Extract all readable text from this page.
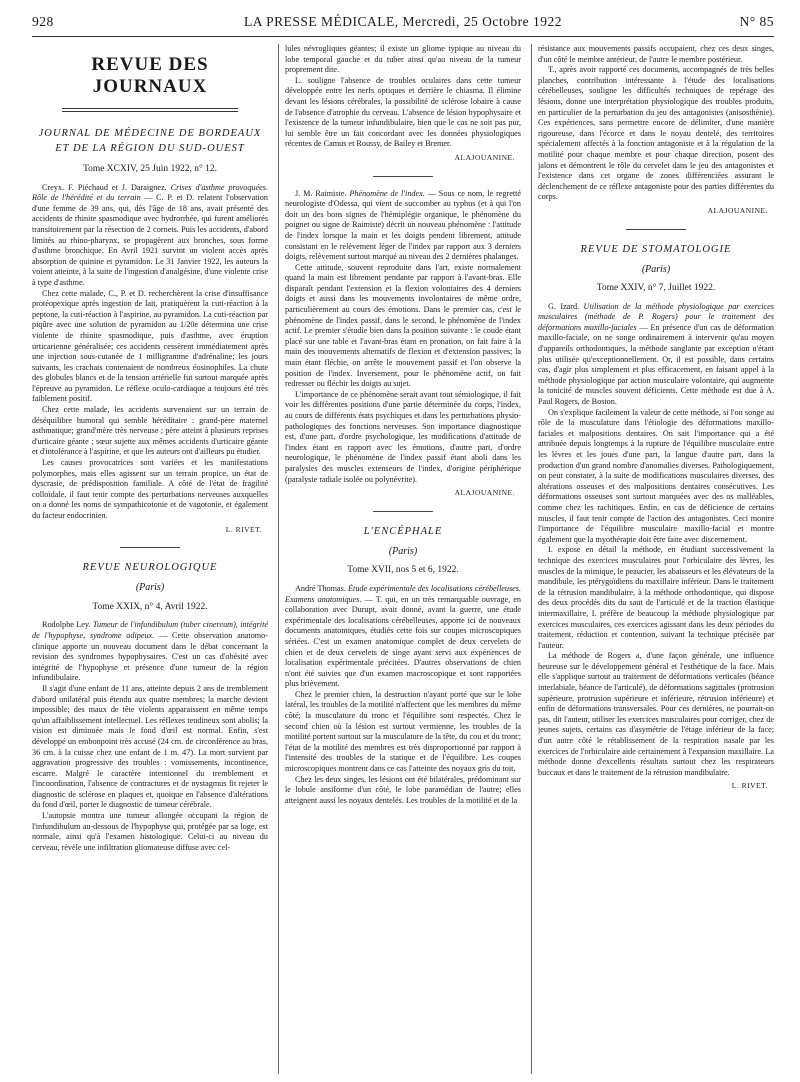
928	LA PRESSE MÉDICALE, Mercredi, 25 Octobre 1922	N° 85
REVUE DES JOURNAUX
JOURNAL DE MÉDECINE DE BORDEAUX ET DE LA RÉGION DU SUD-OUEST
Tome XCXIV, 25 Juin 1922, n° 12.

Creyx. F. Piéchaud et J. Daraignez. Crises d'asthme provoquées. Rôle de l'hérédité et du terrain — C. P. et D. relatent l'observation d'une femme de 39 ans, qui, dès l'âge de 18 ans, avait présenté des accidents de rhinite spasmodique avec hydrorrhée, qui furent améliorés transitoirement par la résection de 2 cornets. Puis les accidents, d'abord limités au rhino-pharynx, se propagèrent aux bronches, sous forme d'asthme bronchique. En Avril 1921 survint un violent accès après absorption de quinine et pyramidon. Le 31 Janvier 1922, les auteurs la voient atteinte, à la suite de l'ingestion d'analgésine, d'une violente crise à type d'asthme.

Chez cette malade, C., P. et D. recherchèrent la crise d'insuffisance protéopexique après ingestion de lait, pratiquèrent la cuti-réaction à la peptone, la cuti-réaction à l'aspirine, au pyramidon. La cuti-réaction par piqûre avec une solution de pyramidon au 1/20e détermina une crise violente de rhinite spasmodique, puis d'asthme, avec éruption urticarienne généralisée; ces accidents cessèrent immédiatement après une injection sous-cutanée de 1 milligramme d'adrénaline; les jours suivants, les crachats contenaient de nombreux éosinophiles. La chute des globules blancs et de la tension artérielle fut surtout marquée après l'épreuve au pyramidon. Le réflexe oculo-cardiaque a toujours été très faiblement positif.

Chez cette malade, les accidents survenaient sur un terrain de déséquilibre humoral qui semble héréditaire : grand-père maternel asthmatique; grand'mère très nerveuse ; père atteint à plusieurs reprises d'urticaire géante ; sœur sujette aux mêmes accidents d'urticaire géante et d'intolérance à l'aspirine, et que les auteurs ont d'ailleurs pu étudier.

Les causes provocatrices sont variées et les manifestations polymorphes, mais elles agissent sur un terrain propice, un état de dyscrasie, de prédisposition familiale. A côté de l'état de fragilité colloïdale, il faut tenir compte des perturbations nerveuses auxquelles on a donné les noms de sympathicotonie et de vagotonie, et également du facteur endocrinien.

L. RIVET.
REVUE NEUROLOGIQUE
(Paris)
Tome XXIX, n° 4, Avril 1922.

Rodolphe Ley. Tumeur de l'infundibulum (tuber cinereum), intégrité de l'hypophyse, syndrome adipeux. — Cette observation anatomo-clinique apporte un nouveau document dans le débat concernant la revision des syndromes hypophysaires. C'est un cas d'obésité avec intégrité de l'hypophyse et présence d'une tumeur de la région infundibulaire.

Il s'agit d'une enfant de 11 ans, atteinte depuis 2 ans de tremblement d'abord unilatéral puis étendu aux quatre membres; la marche devient impossible; des maux de tête violents apparaissent en même temps qu'un affaiblissement intellectuel. Les réflexes tendineux sont abolis; la vision est diminuée mais le fond d'œil est normal. Enfin, s'est développé un embonpoint très accusé (24 cm. de circonférence au bras, 36 cm. à la cuisse chez une enfant de 1 m. 47). La mort survient par aggravation progressive des troubles : vomissements, incontinence, escarre. Malgré le caractère intentionnel du tremblement et l'incoordination, l'absence de contractures et de nystagmus fit rejeter le diagnostic de sclérose en plaques et, quoique en l'absence d'altérations du fond d'œil, porter le diagnostic de tumeur cérébrale.

L'autopsie montra une tumeur allongée occupant la région de l'infundibulum au-dessous de l'hypophyse qui, protégée par sa loge, est normale, ainsi qu'à l'examen histologique. Celui-ci au niveau du cerveau, révèle une infiltration gliomateuse diffuse avec cel-

lules névrogliques géantes; il existe un gliome typique au niveau du lobe temporal gauche et du tuber ainsi qu'au niveau de la tumeur proprement dite.

L. souligne l'absence de troubles oculaires dans cette tumeur développée entre les nerfs optiques et derrière le chiasma. Il élimine devant les lésions cérébrales, la possibilité de sclérose lobaire à cause de l'absence d'atrophie du cerveau. L'absence de lésion hypophysaire et l'existence de la tumeur infundibulaire, bien que le cas ne soit pas pur, lui semble être un fait concordant avec les données physiologiques récentes de Camus et Roussy, de Bailey et Bremer.

ALAJOUANINE.

J. M. Raimiste. Phénomène de l'index. — Sous ce nom, le regretté neurologiste d'Odessa, qui vient de succomber au typhus (et à qui l'on doit un des bons signes de l'hémiplégie organique, le phénomène du poignet ou signe de Raimiste) décrit un nouveau phénomène : l'attitude de l'index lorsque la main et les doigts pendent librement, attitude consistant en le relèvement léger de l'index par rapport aux 3 derniers doigts, relèvement surtout marqué au niveau des 2 dernières phalanges.

Cette attitude, souvent reproduite dans l'art, existe normalement quand la main est librement pendante par rapport à l'avant-bras. Elle disparaît pendant l'extension et la flexion volontaires des 4 derniers doigts et aussi dans les mouvements involontaires de même ordre, particulièrement au cours des émotions. Dans le premier cas, c'est le phénomène de l'index passif, dans le second, le phénomène de l'index actif. Le premier s'étudie bien dans la position suivante : le coude étant placé sur une table et l'avant-bras étant en pronation, on fait faire à la main des mouvements alternatifs de flexion et d'extension passives; la main étant fléchie, on arrête le mouvement passif et l'on observe la position de l'index. Inversement, pour le phénomène actif, on fait redresser ou fléchir les doigts au sujet.

L'importance de ce phénomène serait avant tout sémiologique, il fait voir les différentes positions d'une partie déterminée du corps, l'index, au cours de différents états psychiques et dans les perturbations physio-pathologiques des fonctions nerveuses. Son importance diagnostique est, d'une part, d'ordre psychologique, les modifications d'attitude de l'index étant en rapport avec les émotions, d'autre part, d'ordre neurologique, le phénomène de l'index passif étant aboli dans les paralysies des muscles extenseurs de l'index, d'origine périphérique (paralysie radiale isolée ou polynévrite).

ALAJOUANINE.
L'ENCÉPHALE
(Paris)
Tome XVII, nos 5 et 6, 1922.

André Thomas. Étude expérimentale des localisations cérébelleuses. Examens anatomiques. — T. qui, en un très remarquable ouvrage, en collaboration avec Durupt, avait donné, avant la guerre, une étude expérimentale des localisations cérébelleuses, apporte ici de nouveaux documents anatomiques, étudiés cette fois sur coupes microscopiques sériées. C'est un examen anatomique complet de deux cervelets de chien et de deux cervelets de singe ayant servi aux expériences de localisation expérimentale précitées. D'autres observations de chien n'ont été suivies que d'un examen macroscopique et sont rapportées plus brièvement.

Chez le premier chien, la destruction n'ayant porté que sur le lobe latéral, les troubles de la motilité n'affectent que les membres du même côté; la musculature du tronc et l'équilibre sont respectés. Chez le second chien où la lésion est surtout vermienne, les troubles de la motilité portent surtout sur la musculature de la tête, du cou et du tronc; l'état de la motilité des membres est très disproportionné par rapport à l'intensité des troubles de la statique et de l'équilibre. Les coupes microscopiques montrent dans ce cas l'atteinte des noyaux gris du toit.

Chez les deux singes, les lésions ont été bilatérales, prédominant sur le lobule ansiforme d'un côté, le lobe paramédian de l'autre; elles atteignent aussi les noyaux dentelés. Les troubles de la motilité et de la

résistance aux mouvements passifs occupaient, chez ces deux singes, d'un côté le membre antérieur, de l'autre le membre postérieur.

T., après avoir rapporté ces documents, accompagnés de très belles planches, contribution intéressante à l'étude des localisations cérébelleuses, souligne les difficultés techniques de repérage des lésions, donne une interprétation physiologique des troubles produits, en particulier de la perturbation du jeu des antagonistes (anisosthénie). Ces expériences, sans permettre encore de délimiter, d'une manière rigoureuse, dans l'écorce et dans le noyau dentelé, des territoires spécialement affectés à la fonction antagoniste et à la régulation de la motilité pour chaque membre et pour chaque direction, posent des jalons et démontrent le rôle du cervelet dans le jeu des antagonistes et l'existence dans cet organe de zones différenciées assurant le déclenchement de ce réflexe antagoniste pour des parties différentes du corps.

ALAJOUANINE.
REVUE DE STOMATOLOGIE
(Paris)
Tome XXIV, n° 7, Juillet 1922.

G. Izard. Utilisation de la méthode physiologique par exercices musculaires (méthode de P. Rogers) pour le traitement des déformations maxillo-faciales — En présence d'un cas de déformation maxillo-faciale, on ne songe ordinairement à intervenir qu'au moyen d'appareils orthodontiques, la méthode sanglante par exception n'étant plus utilisée qu'exceptionnellement. Or, il est possible, dans certains cas, d'agir plus simplement et plus efficacement, en faisant appel à la méthode physiologique par action musculaire volontaire, qui augmente la tonicité de muscles souvent déficients. Cette méthode est due à A. Paul Rogers, de Boston.

On s'explique facilement la valeur de cette méthode, si l'on songe au rôle de la musculature dans l'étiologie des déformations maxillo-faciales et malpositions dentaires. On sait l'importance qui a été attribuée depuis longtemps à la rupture de l'équilibre musculaire entre les lèvres et les joues d'une part, la langue d'autre part, dans la production d'un grand nombre d'anomalies diverses. Pathologiquement, on peut constater, à la suite de modifications musculaires diverses, des altérations osseuses et des malpositions dentaires consécutives. Les déformations osseuses sont surtout marquées avec des os malléables, comme chez les rachitiques. Enfin, en cas de déficience de certains muscles, il faut tenir compte de l'action des antagonistes. Ceci montre l'importance de l'équilibre musculaire maxillo-facial et montre également que la myothérapie doit être faite avec discernement.

I. expose en détail la méthode, en étudiant successivement la technique des exercices musculaires pour l'orbiculaire des lèvres, les muscles de la mimique, le peaucier, les abaisseurs et les élévateurs de la mandibule, les ptérygoïdiens du maxillaire inférieur. Dans le traitement de la rétrusion mandibulaire, à la méthode orthodontique, qui dispose des deux procédés dits du saut de l'articulé et de la traction élastique intermaxillaire, I. préfère de beaucoup la méthode physiologique par exercices musculaires, ces exercices agissant dans les deux périodes du traitement, réduction et contention, suivant la technique précisée par l'auteur.

La méthode de Rogers a, d'une façon générale, une influence heureuse sur le développement général et l'esthétique de la face. Mais elle s'applique surtout au traitement de déformations verticales (béance interlabiale, béance de l'articulé), de déformations sagittales (protrusion supérieure, protrusion supérieure et inférieure, rétrusion inférieure) et enfin de déformations transversales. Pour ces dernières, ne pourrait-on pas, dit l'auteur, utiliser les exercices musculaires pour corriger, chez de jeunes sujets, certains cas d'asymétrie de l'étage inférieur de la face; d'un autre côté le rétablissement de la respiration nasale par les exercices de l'orbiculaire aide certainement à l'expansion maxillaire. La méthode donne d'excellents résultats surtout chez les respirateurs buccaux et dans le traitement de la rétrusion mandibulaire.

L. RIVET.
